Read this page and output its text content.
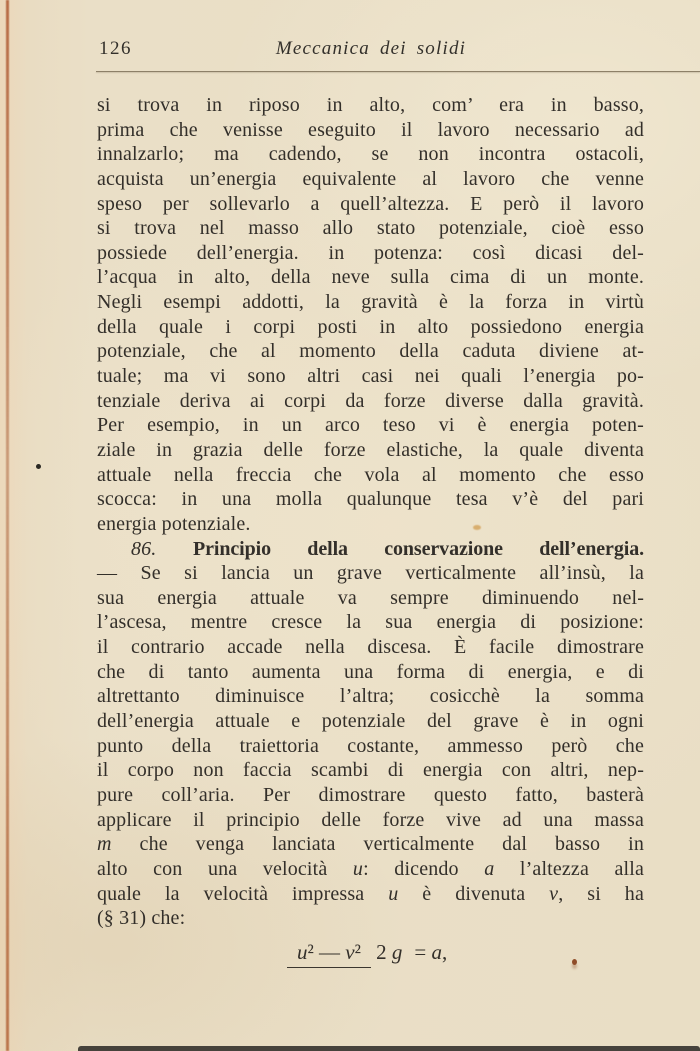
126	Meccanica dei solidi
si trova in riposo in alto, com’ era in basso,
prima che venisse eseguito il lavoro necessario ad
innalzarlo; ma cadendo, se non incontra ostacoli,
acquista un’energia equivalente al lavoro che venne
speso per sollevarlo a quell’altezza. E però il lavoro
si trova nel masso allo stato potenziale, cioè esso
possiede dell’energia. in potenza: così dicasi del-
l’acqua in alto, della neve sulla cima di un monte.
Negli esempi addotti, la gravità è la forza in virtù
della quale i corpi posti in alto possiedono energia
potenziale, che al momento della caduta diviene at-
tuale; ma vi sono altri casi nei quali l’energia po-
tenziale deriva ai corpi da forze diverse dalla gravità.
Per esempio, in un arco teso vi è energia poten-
ziale in grazia delle forze elastiche, la quale diventa
attuale nella freccia che vola al momento che esso
scocca: in una molla qualunque tesa v’è del pari
energia potenziale.
86. Principio della conservazione dell’energia.
— Se si lancia un grave verticalmente all’insù, la
sua energia attuale va sempre diminuendo nel-
l’ascesa, mentre cresce la sua energia di posizione:
il contrario accade nella discesa. È facile dimostrare
che di tanto aumenta una forma di energia, e di
altrettanto diminuisce l’altra; cosicchè la somma
dell’energia attuale e potenziale del grave è in ogni
punto della traiettoria costante, ammesso però che
il corpo non faccia scambi di energia con altri, nep-
pure coll’aria. Per dimostrare questo fatto, basterà
applicare il principio delle forze vive ad una massa
m che venga lanciata verticalmente dal basso in
alto con una velocità u: dicendo a l’altezza alla
quale la velocità impressa u è divenuta v, si ha
(§ 31) che:
u² — v² 2 g = a,
